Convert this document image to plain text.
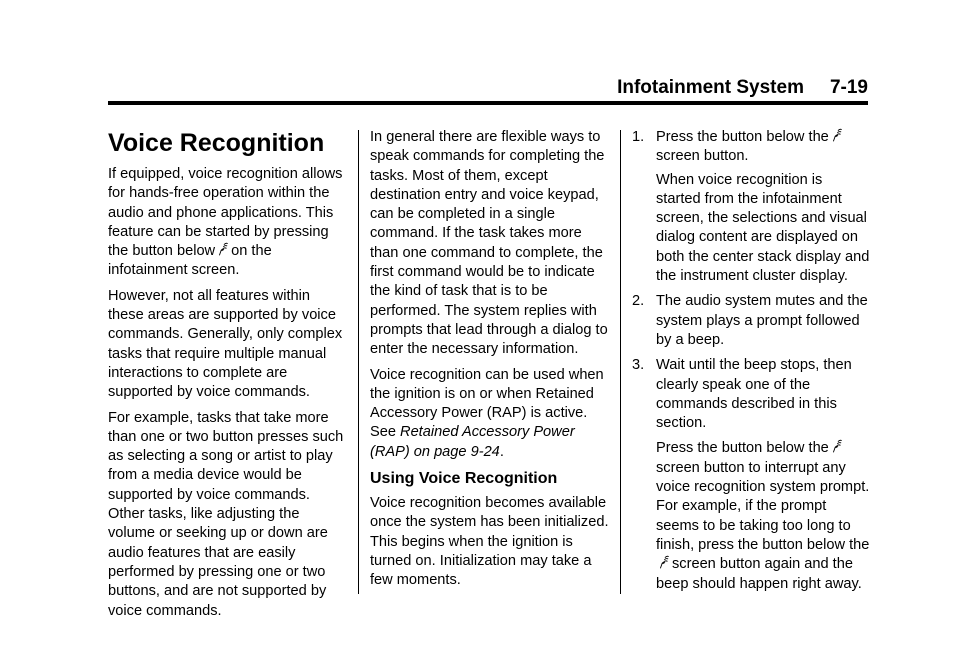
Infotainment System 7-19
Voice Recognition

If equipped, voice recognition allows for hands-free operation within the audio and phone applications. This feature can be started by pressing the button below on the infotainment screen.

However, not all features within these areas are supported by voice commands. Generally, only complex tasks that require multiple manual interactions to complete are supported by voice commands.

For example, tasks that take more than one or two button presses such as selecting a song or artist to play from a media device would be supported by voice commands. Other tasks, like adjusting the volume or seeking up or down are audio features that are easily performed by pressing one or two buttons, and are not supported by voice commands.

In general there are flexible ways to speak commands for completing the tasks. Most of them, except destination entry and voice keypad, can be completed in a single command. If the task takes more than one command to complete, the first command would be to indicate the kind of task that is to be performed. The system replies with prompts that lead through a dialog to enter the necessary information.

Voice recognition can be used when the ignition is on or when Retained Accessory Power (RAP) is active. See Retained Accessory Power (RAP) on page 9-24.

Using Voice Recognition

Voice recognition becomes available once the system has been initialized. This begins when the ignition is turned on. Initialization may take a few moments.

1. Press the button below the
screen button.
When voice recognition is started from the infotainment screen, the selections and visual dialog content are displayed on both the center stack display and the instrument cluster display.
2. The audio system mutes and the system plays a prompt followed by a beep.
3. Wait until the beep stops, then clearly speak one of the commands described in this section.
Press the button below the screen button to interrupt any voice recognition system prompt. For example, if the prompt seems to be taking too long to finish, press the button below thescreen button again and the beep should happen right away.
